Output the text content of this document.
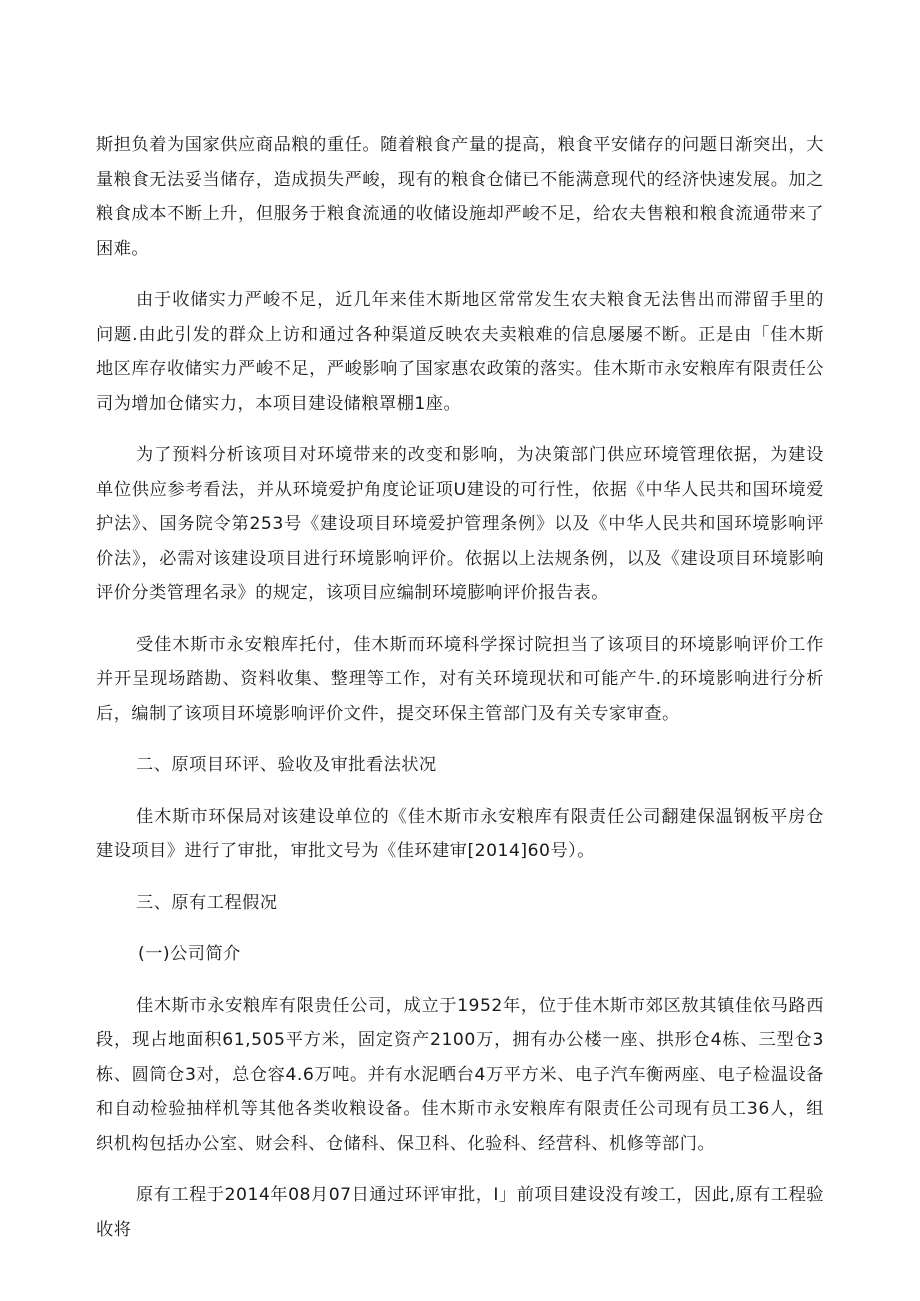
斯担负着为国家供应商品粮的重任。随着粮食产量的提高，粮食平安储存的问题日渐突出，大量粮食无法妥当储存，造成损失严峻，现有的粮食仓储已不能满意现代的经济快速发展。加之粮食成本不断上升，但服务于粮食流通的收储设施却严峻不足，给农夫售粮和粮食流通带来了困难。

由于收储实力严峻不足，近几年来佳木斯地区常常发生农夫粮食无法售出而滞留手里的问题.由此引发的群众上访和通过各种渠道反映农夫卖粮难的信息屡屡不断。正是由「佳木斯地区库存收储实力严峻不足，严峻影响了国家惠农政策的落实。佳木斯市永安粮库有限责任公司为增加仓储实力，本项目建设储粮罩棚1座。

为了预料分析该项目对环境带来的改变和影响，为决策部门供应环境管理依据，为建设单位供应参考看法，并从环境爱护角度论证项U建设的可行性，依据《中华人民共和国环境爱护法》、国务院令第253号《建设项目环境爱护管理条例》以及《中华人民共和国环境影响评价法》，必需对该建设项目进行环境影响评价。依据以上法规条例，以及《建设项目环境影响评价分类管理名录》的规定，该项目应编制环境膨响评价报告表。

受佳木斯市永安粮库托付，佳木斯而环境科学探讨院担当了该项目的环境影响评价工作并开呈现场踏勘、资料收集、整理等工作，对有关环境现状和可能产牛.的环境影响进行分析后，编制了该项目环境影响评价文件，提交环保主管部门及有关专家审查。

二、原项目环评、验收及审批看法状况

佳木斯市环保局对该建设单位的《佳木斯市永安粮库有限责任公司翻建保温钢板平房仓建设项目》进行了审批，审批文号为《佳环建审[2014]60号）。

三、原有工程假况

(一)公司简介

佳木斯市永安粮库有限贵任公司，成立于1952年，位于佳木斯市郊区敖其镇佳依马路西段，现占地面积61,505平方米，固定资产2100万，拥有办公楼一座、拱形仓4栋、三型仓3栋、圆筒仓3对，总仓容4.6万吨。并有水泥晒台4万平方米、电子汽车衡两座、电子检温设备和自动检验抽样机等其他各类收粮设备。佳木斯市永安粮库有限责任公司现有员工36人，组织机构包括办公室、财会科、仓储科、保卫科、化验科、经营科、机修等部门。

原有工程于2014年08月07日通过环评审批，I」前项目建设没有竣工，因此,原有工程验收将
